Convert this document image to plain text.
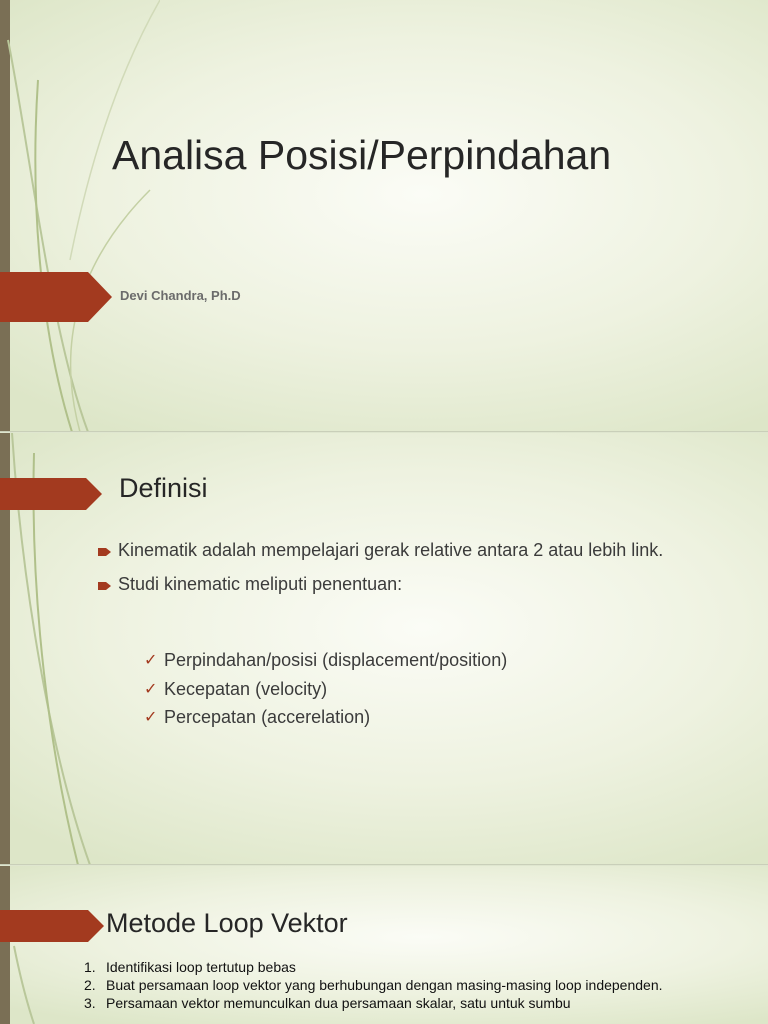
Analisa Posisi/Perpindahan
Devi Chandra, Ph.D
Definisi
Kinematik adalah mempelajari gerak relative antara 2 atau lebih link.
Studi kinematic meliputi penentuan:
✓ Perpindahan/posisi (displacement/position)
✓ Kecepatan (velocity)
✓ Percepatan (accerelation)
Metode Loop Vektor
1. Identifikasi loop tertutup bebas
2. Buat persamaan loop vektor yang berhubungan dengan masing-masing loop independen.
3. Persamaan vektor memunculkan dua persamaan skalar, satu untuk sumbu
